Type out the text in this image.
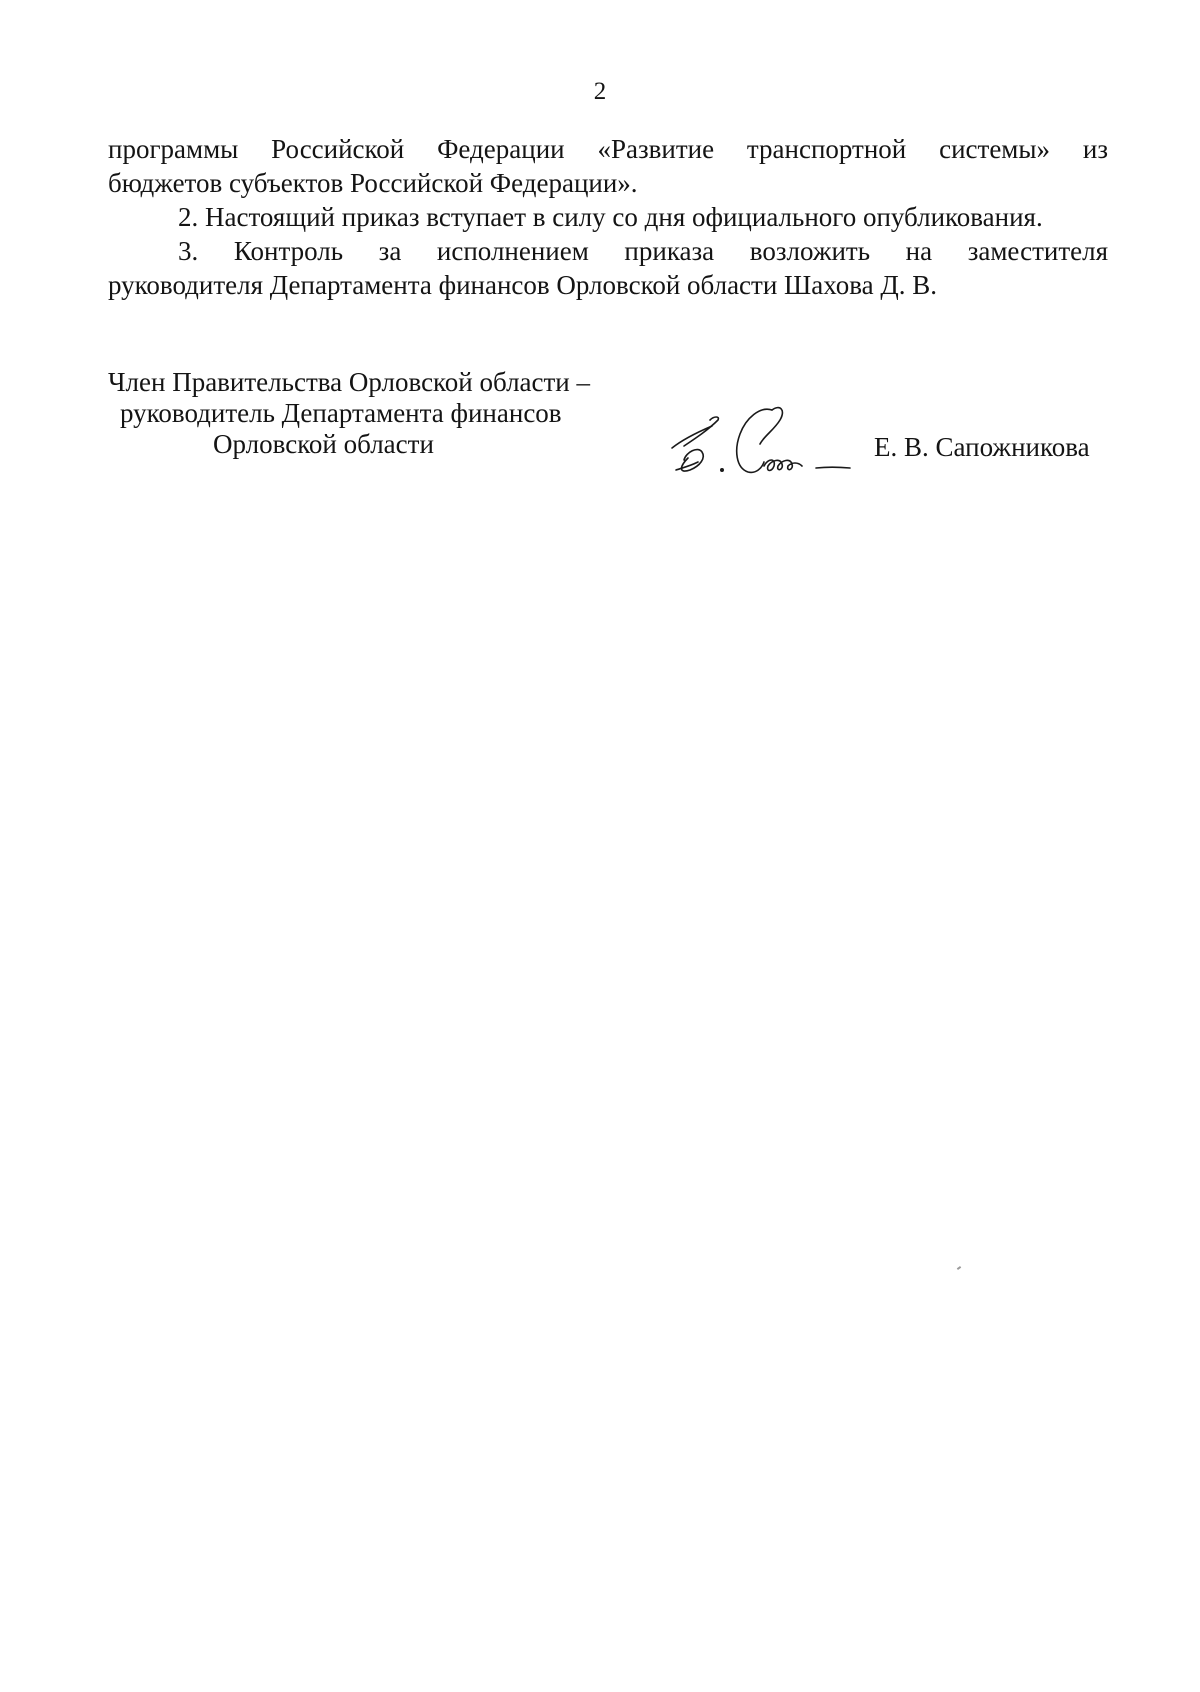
2

программы Российской Федерации «Развитие транспортной системы» из

бюджетов субъектов Российской Федерации».

2. Настоящий приказ вступает в силу со дня официального опубликования.

3. Контроль за исполнением приказа возложить на заместителя

руководителя Департамента финансов Орловской области Шахова Д. В.

Член Правительства Орловской области –
руководитель Департамента финансов
Орловской области	Е. В. Сапожникова
